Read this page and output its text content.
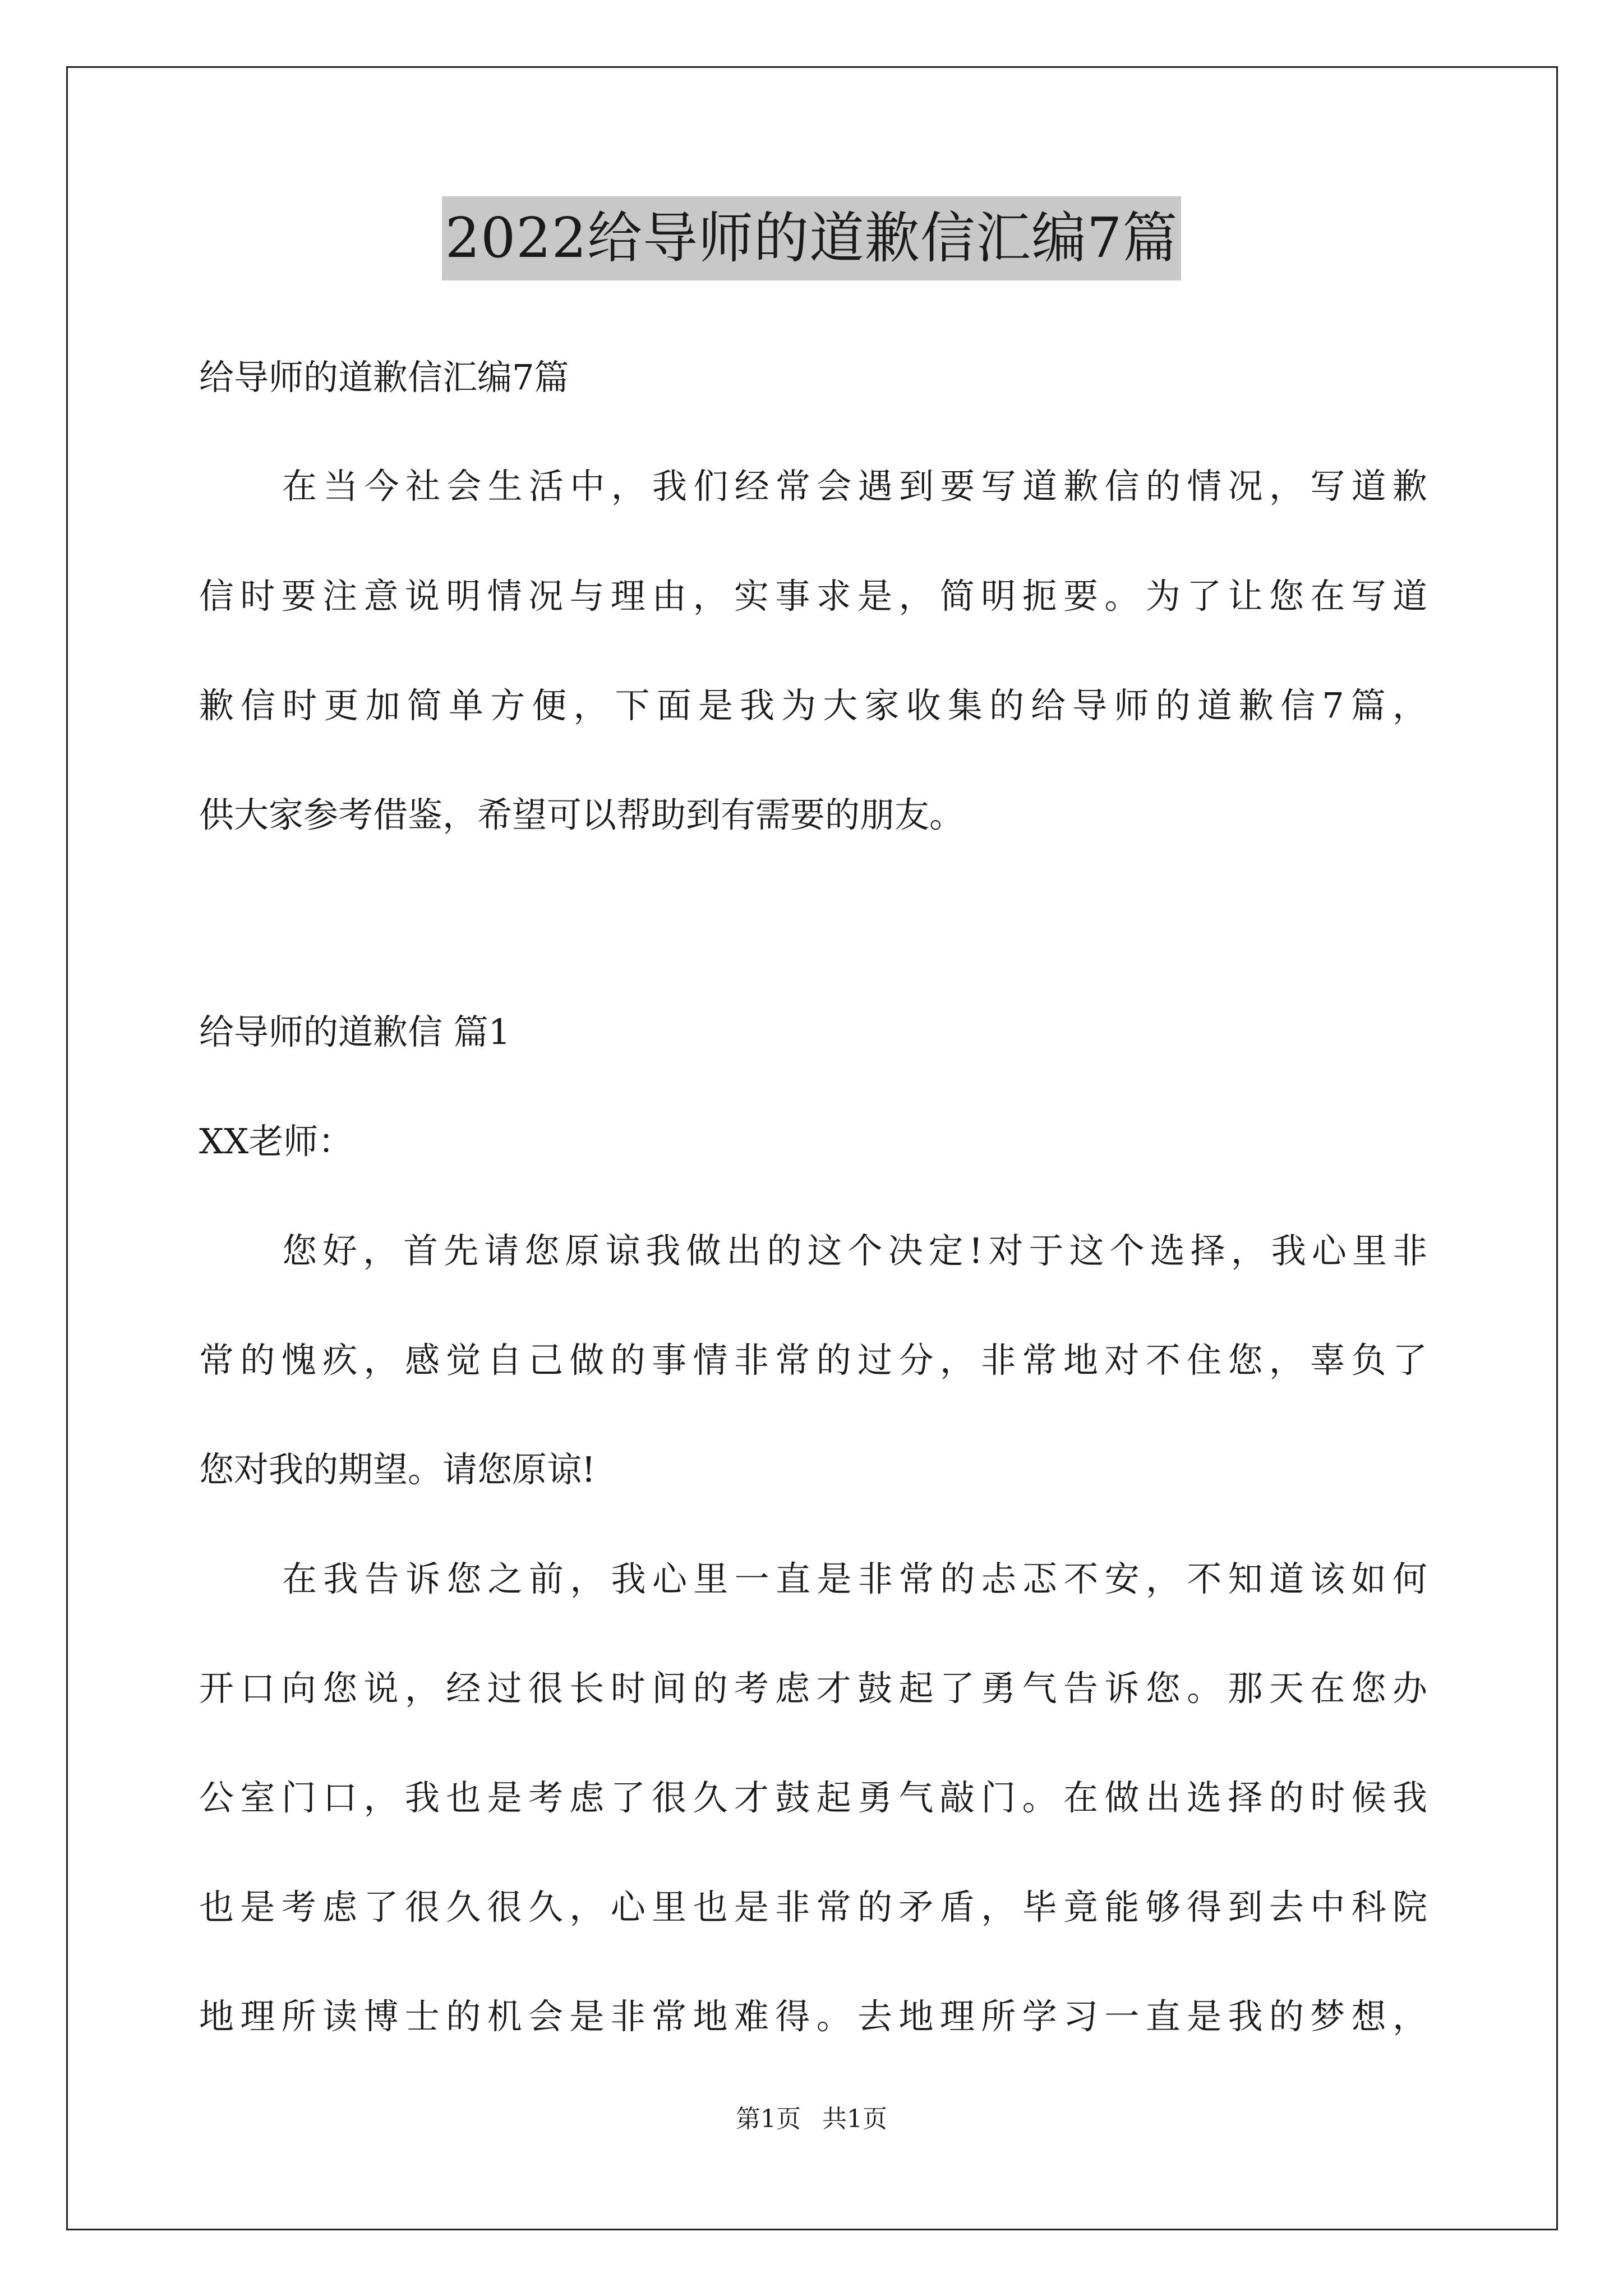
2022给导师的道歉信汇编7篇
给导师的道歉信汇编7篇
在当今社会生活中，我们经常会遇到要写道歉信的情况，写道歉
信时要注意说明情况与理由，实事求是，简明扼要。为了让您在写道
歉信时更加简单方便，下面是我为大家收集的给导师的道歉信7篇，
供大家参考借鉴，希望可以帮助到有需要的朋友。
给导师的道歉信 篇1
XX老师：
您好，首先请您原谅我做出的这个决定!对于这个选择，我心里非
常的愧疚，感觉自己做的事情非常的过分，非常地对不住您，辜负了
您对我的期望。请您原谅!
在我告诉您之前，我心里一直是非常的忐忑不安，不知道该如何
开口向您说，经过很长时间的考虑才鼓起了勇气告诉您。那天在您办
公室门口，我也是考虑了很久才鼓起勇气敲门。在做出选择的时候我
也是考虑了很久很久，心里也是非常的矛盾，毕竟能够得到去中科院
地理所读博士的机会是非常地难得。去地理所学习一直是我的梦想，
第1页 共1页
